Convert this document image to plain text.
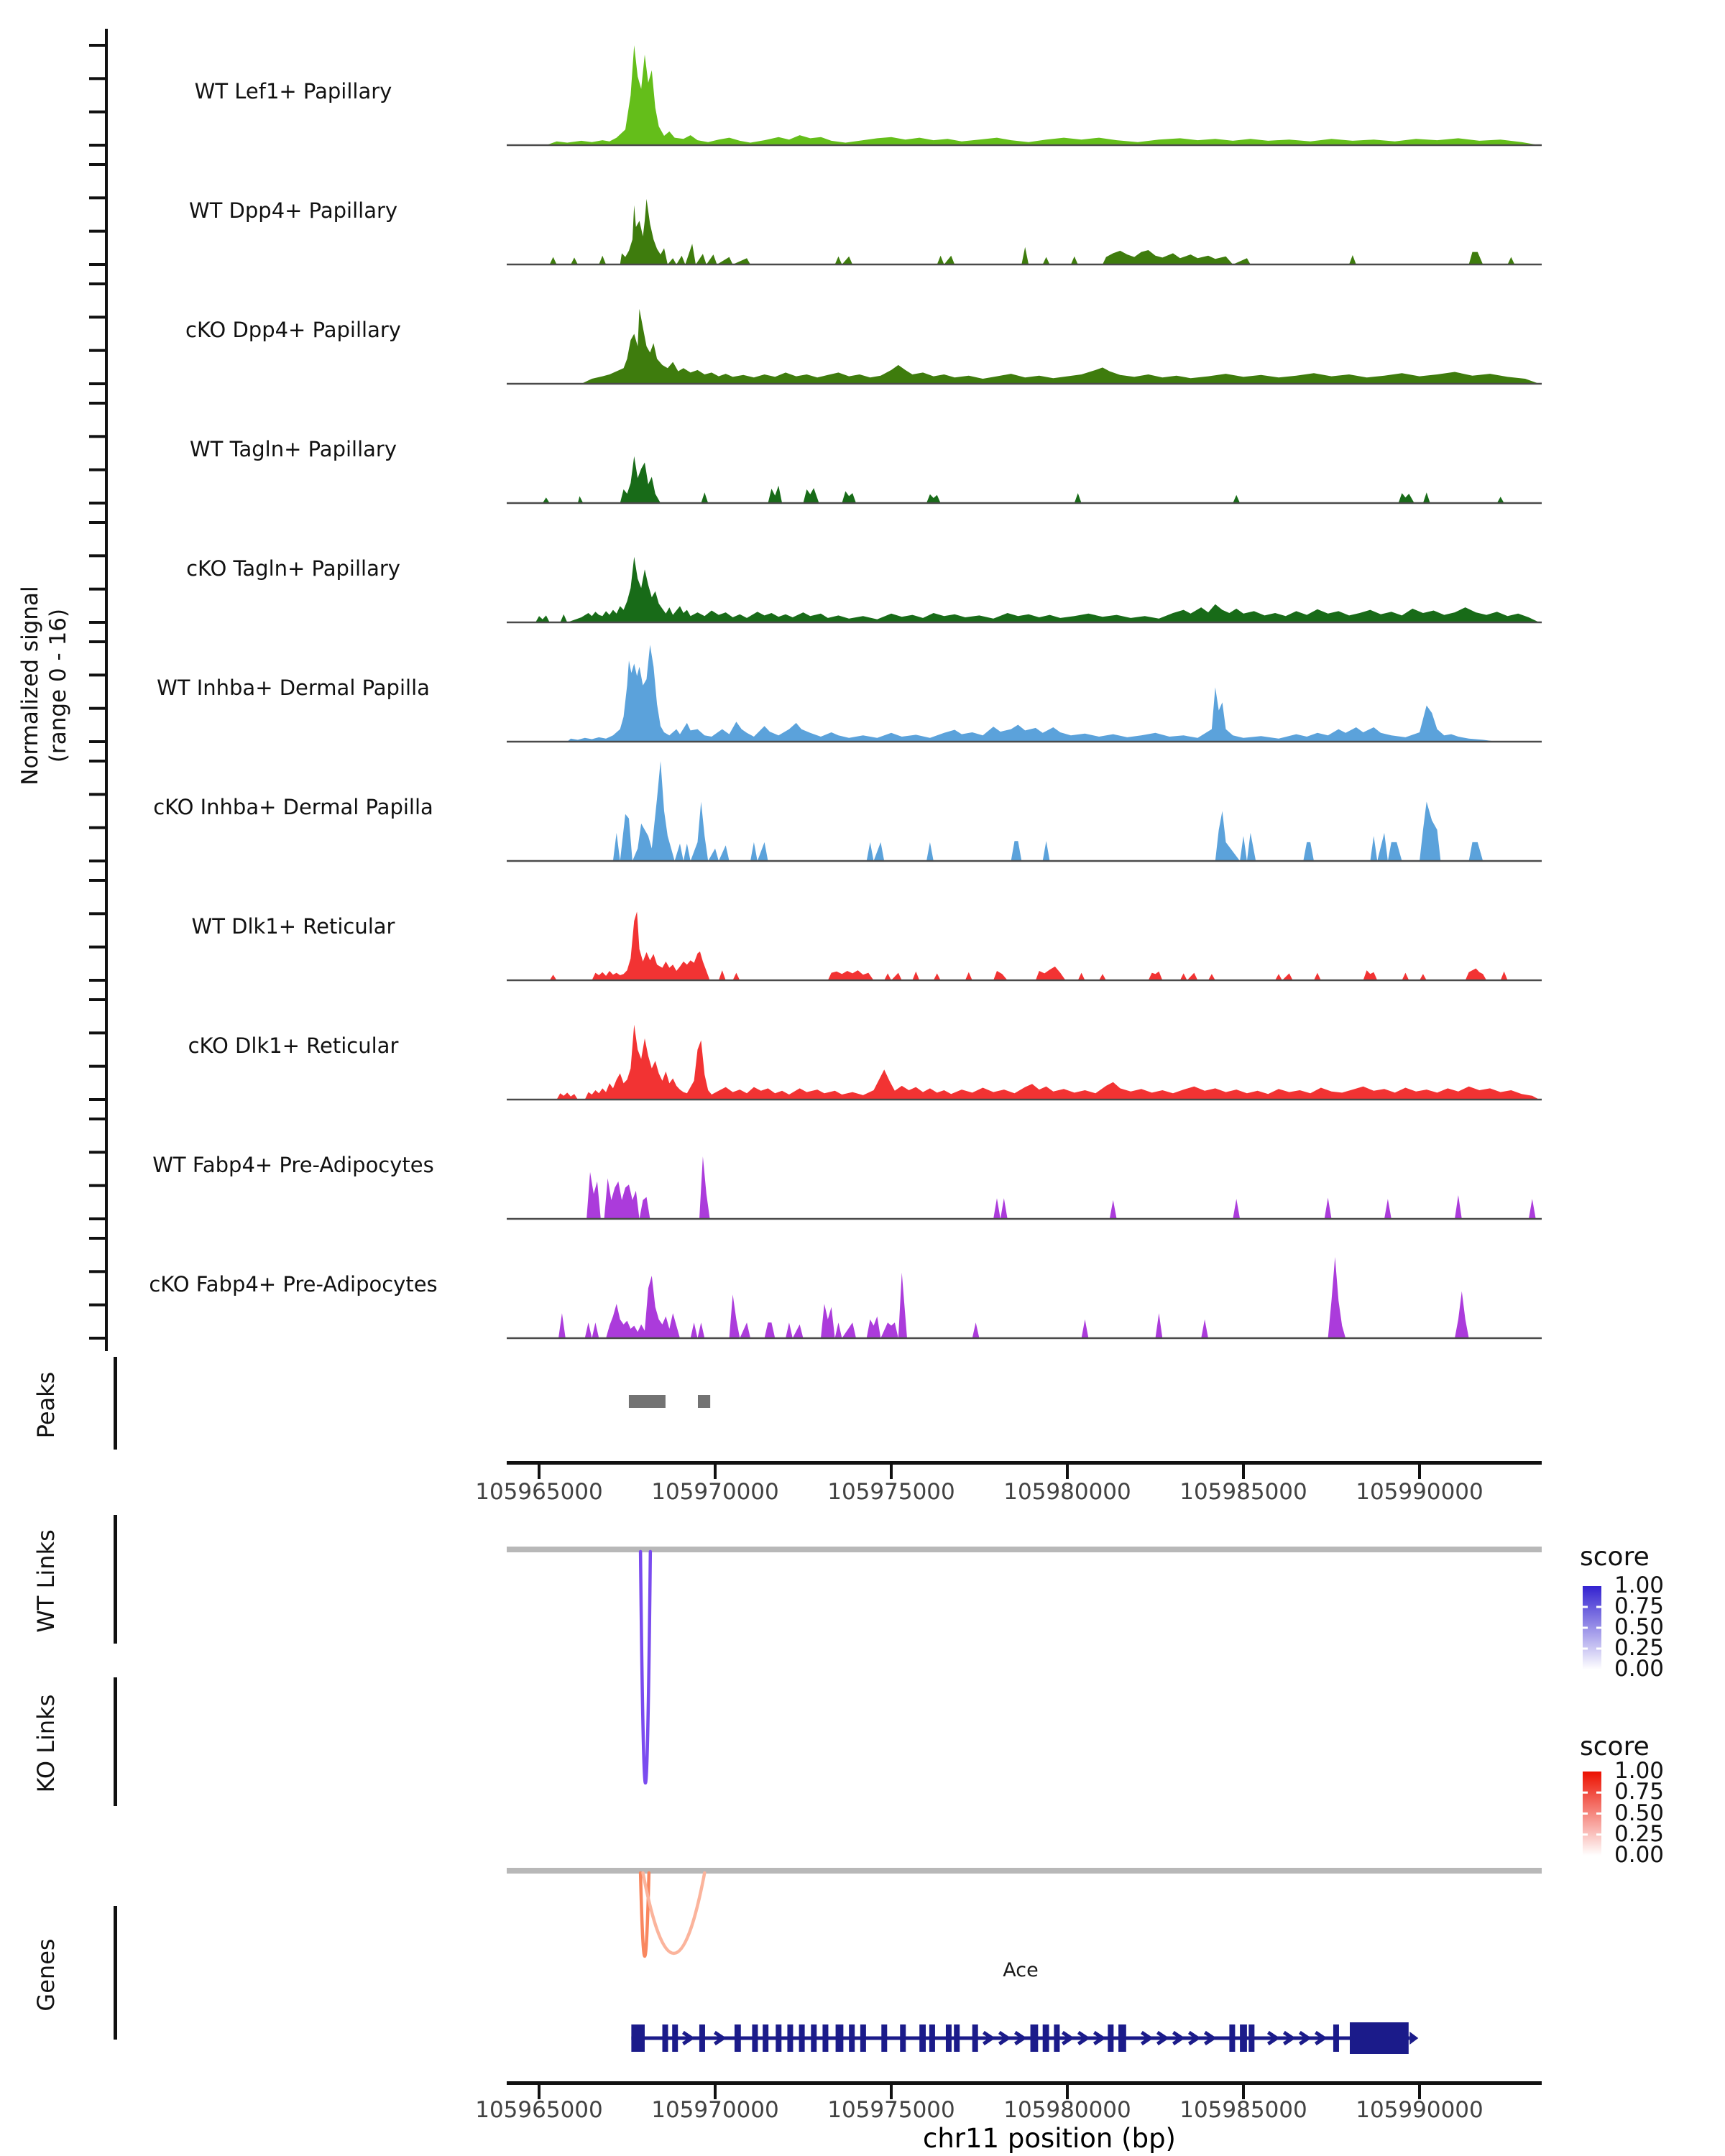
Normalized signal (range 0 - 16)
Peaks
WT Links
KO Links
Genes	Ace
chr11 position (bp)
score
score
WT Lef1+ Papillary
WT Dpp4+ Papillary
cKO Dpp4+ Papillary
WT Tagln+ Papillary
cKO Tagln+ Papillary
WT Inhba+ Dermal Papilla
cKO Inhba+ Dermal Papilla
WT Dlk1+ Reticular
cKO Dlk1+ Reticular
WT Fabp4+ Pre-Adipocytes
cKO Fabp4+ Pre-Adipocytes
105965000	105970000	105975000	105980000	105985000	105990000
105965000	105970000	105975000	105980000	105985000	105990000
1.00
0.75
0.50
0.25
0.00
1.00
0.75
0.50
0.25
0.00
